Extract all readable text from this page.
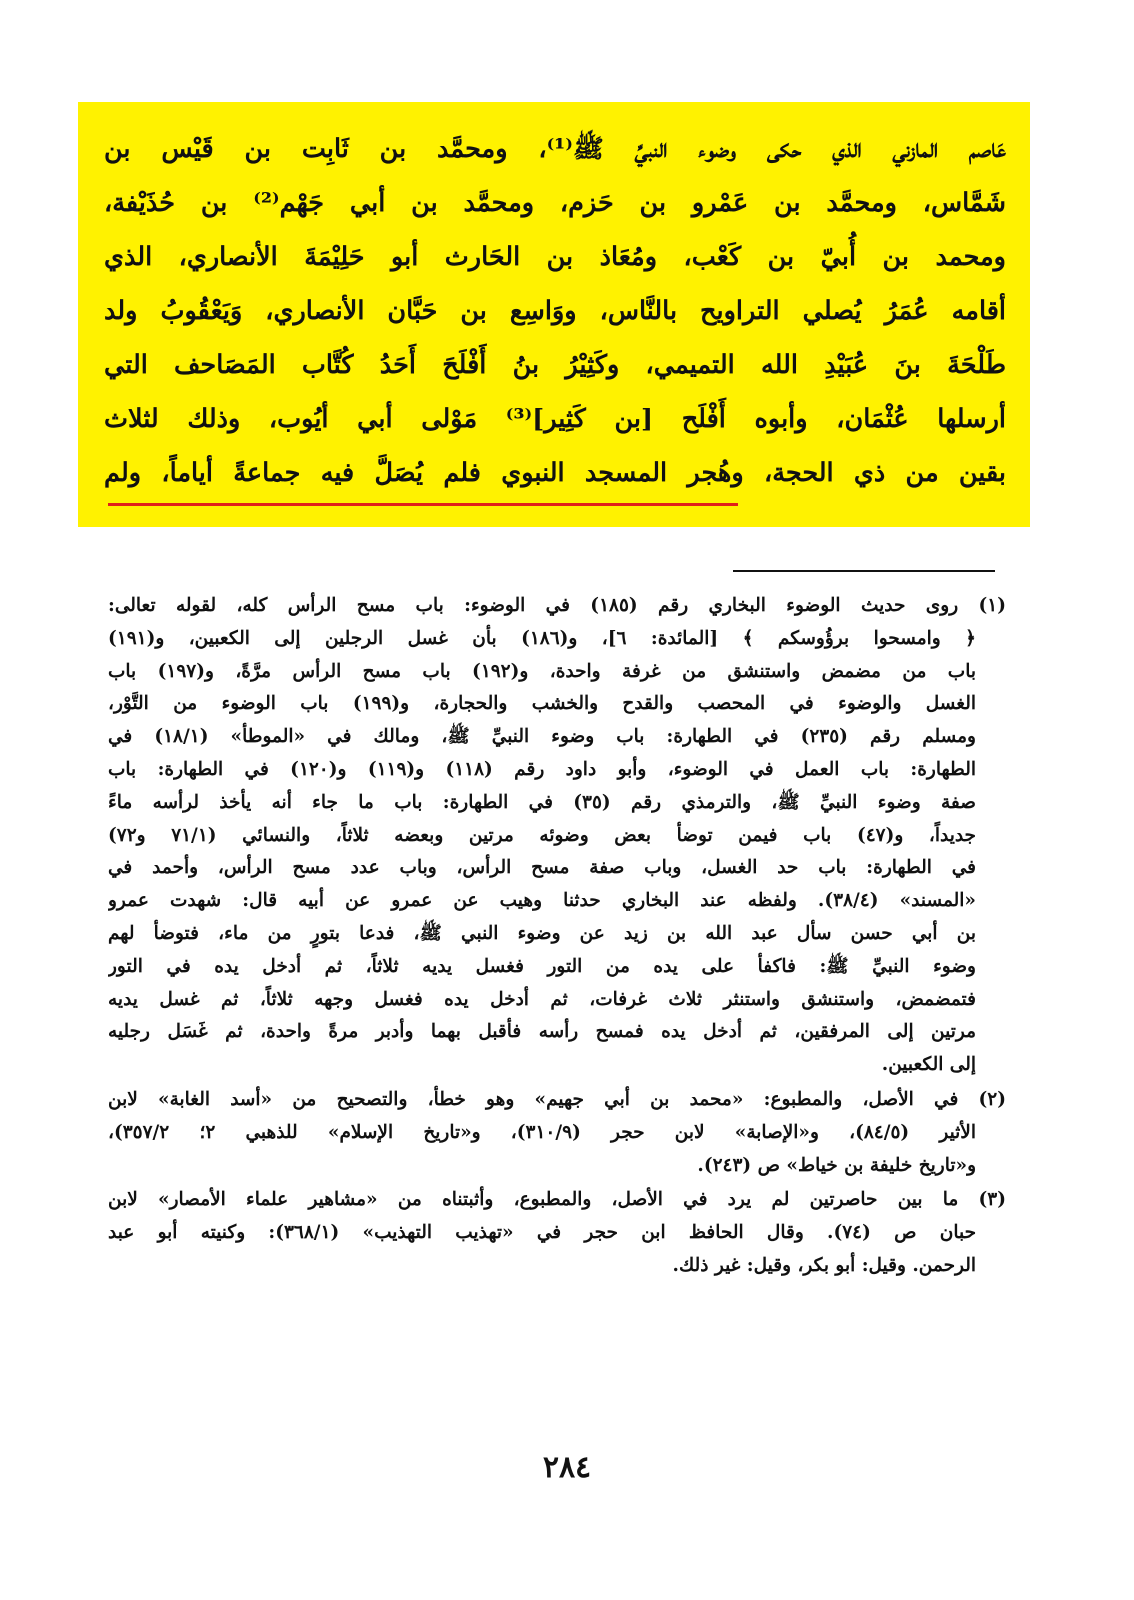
عَاصم المازني الذي حكى وضوء النبيِّ ﷺ⁽¹⁾، ومحمَّد بن ثَابِت بن قَيْس بن
شَمَّاس، ومحمَّد بن عَمْرو بن حَزم، ومحمَّد بن أبي جَهْم⁽²⁾ بن حُذَيْفة،
ومحمد بن أُبيّ بن كَعْب، ومُعَاذ بن الحَارث أبو حَلِيْمَةَ الأنصاري، الذي
أقامه عُمَرُ يُصلي التراويح بالنَّاس، ووَاسِع بن حَبَّان الأنصاري، وَيَعْقُوبُ ولد
طَلْحَةَ بنَ عُبَيْدِ الله التميمي، وكَثِيْرُ بنُ أَفْلَحَ أَحَدُ كُتَّاب المَصَاحف التي
أرسلها عُثْمَان، وأبوه أَفْلَح [بن كَثِير]⁽³⁾ مَوْلى أبي أيُوب، وذلك لثلاث
بقين من ذي الحجة، وهُجر المسجد النبوي فلم يُصَلَّ فيه جماعةً أياماً، ولم
(١) روى حديث الوضوء البخاري رقم (١٨٥) في الوضوء: باب مسح الرأس كله، لقوله تعالى:
﴿ وامسحوا برؤُوسكم ﴾ [المائدة: ٦]، و(١٨٦) بأن غسل الرجلين إلى الكعبين، و(١٩١)
باب من مضمض واستنشق من غرفة واحدة، و(١٩٢) باب مسح الرأس مرَّةً، و(١٩٧) باب
الغسل والوضوء في المحصب والقدح والخشب والحجارة، و(١٩٩) باب الوضوء من التَّوْر،
ومسلم رقم (٢٣٥) في الطهارة: باب وضوء النبيِّ ﷺ، ومالك في «الموطأ» (١٨/١) في
الطهارة: باب العمل في الوضوء، وأبو داود رقم (١١٨) و(١١٩) و(١٢٠) في الطهارة: باب
صفة وضوء النبيِّ ﷺ، والترمذي رقم (٣٥) في الطهارة: باب ما جاء أنه يأخذ لرأسه ماءً
جديداً، و(٤٧) باب فيمن توضأ بعض وضوئه مرتين وبعضه ثلاثاً، والنسائي (٧١/١ و٧٢)
في الطهارة: باب حد الغسل، وباب صفة مسح الرأس، وباب عدد مسح الرأس، وأحمد في
«المسند» (٣٨/٤). ولفظه عند البخاري حدثنا وهيب عن عمرو عن أبيه قال: شهدت عمرو
بن أبي حسن سأل عبد الله بن زيد عن وضوء النبي ﷺ، فدعا بتورٍ من ماء، فتوضأ لهم
وضوء النبيِّ ﷺ: فاكفأ على يده من التور فغسل يديه ثلاثاً، ثم أدخل يده في التور
فتمضمض، واستنشق واستنثر ثلاث غرفات، ثم أدخل يده فغسل وجهه ثلاثاً، ثم غسل يديه
مرتين إلى المرفقين، ثم أدخل يده فمسح رأسه فأقبل بهما وأدبر مرةً واحدة، ثم غَسَل رجليه
إلى الكعبين.
(٢) في الأصل، والمطبوع: «محمد بن أبي جهيم» وهو خطأ، والتصحيح من «أسد الغابة» لابن
الأثير (٨٤/٥)، و«الإصابة» لابن حجر (٣١٠/٩)، و«تاريخ الإسلام» للذهبي ٢؛ ٣٥٧/٢)،
و«تاريخ خليفة بن خياط» ص (٢٤٣).
(٣) ما بين حاصرتين لم يرد في الأصل، والمطبوع، وأثبتناه من «مشاهير علماء الأمصار» لابن
حبان ص (٧٤). وقال الحافظ ابن حجر في «تهذيب التهذيب» (٣٦٨/١): وكنيته أبو عبد
الرحمن. وقيل: أبو بكر، وقيل: غير ذلك.
٢٨٤
